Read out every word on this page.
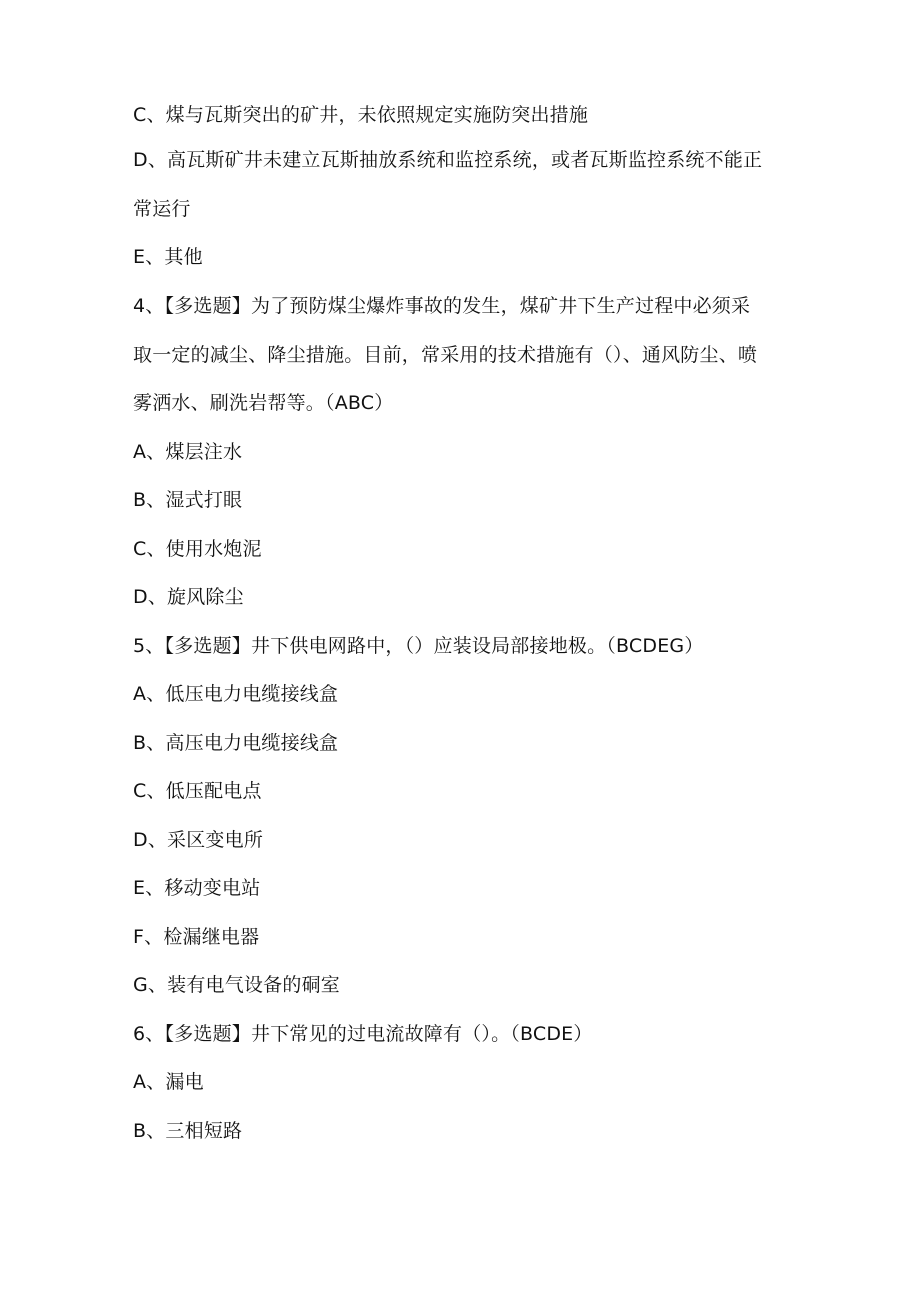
C、煤与瓦斯突出的矿井，未依照规定实施防突出措施
D、高瓦斯矿井未建立瓦斯抽放系统和监控系统，或者瓦斯监控系统不能正
常运行
E、其他
4、【多选题】为了预防煤尘爆炸事故的发生，煤矿井下生产过程中必须采
取一定的减尘、降尘措施。目前，常采用的技术措施有（）、通风防尘、喷
雾洒水、刷洗岩帮等。（ABC）
A、煤层注水
B、湿式打眼
C、使用水炮泥
D、旋风除尘
5、【多选题】井下供电网路中，（）应装设局部接地极。（BCDEG）
A、低压电力电缆接线盒
B、高压电力电缆接线盒
C、低压配电点
D、采区变电所
E、移动变电站
F、检漏继电器
G、装有电气设备的硐室
6、【多选题】井下常见的过电流故障有（）。（BCDE）
A、漏电
B、三相短路
